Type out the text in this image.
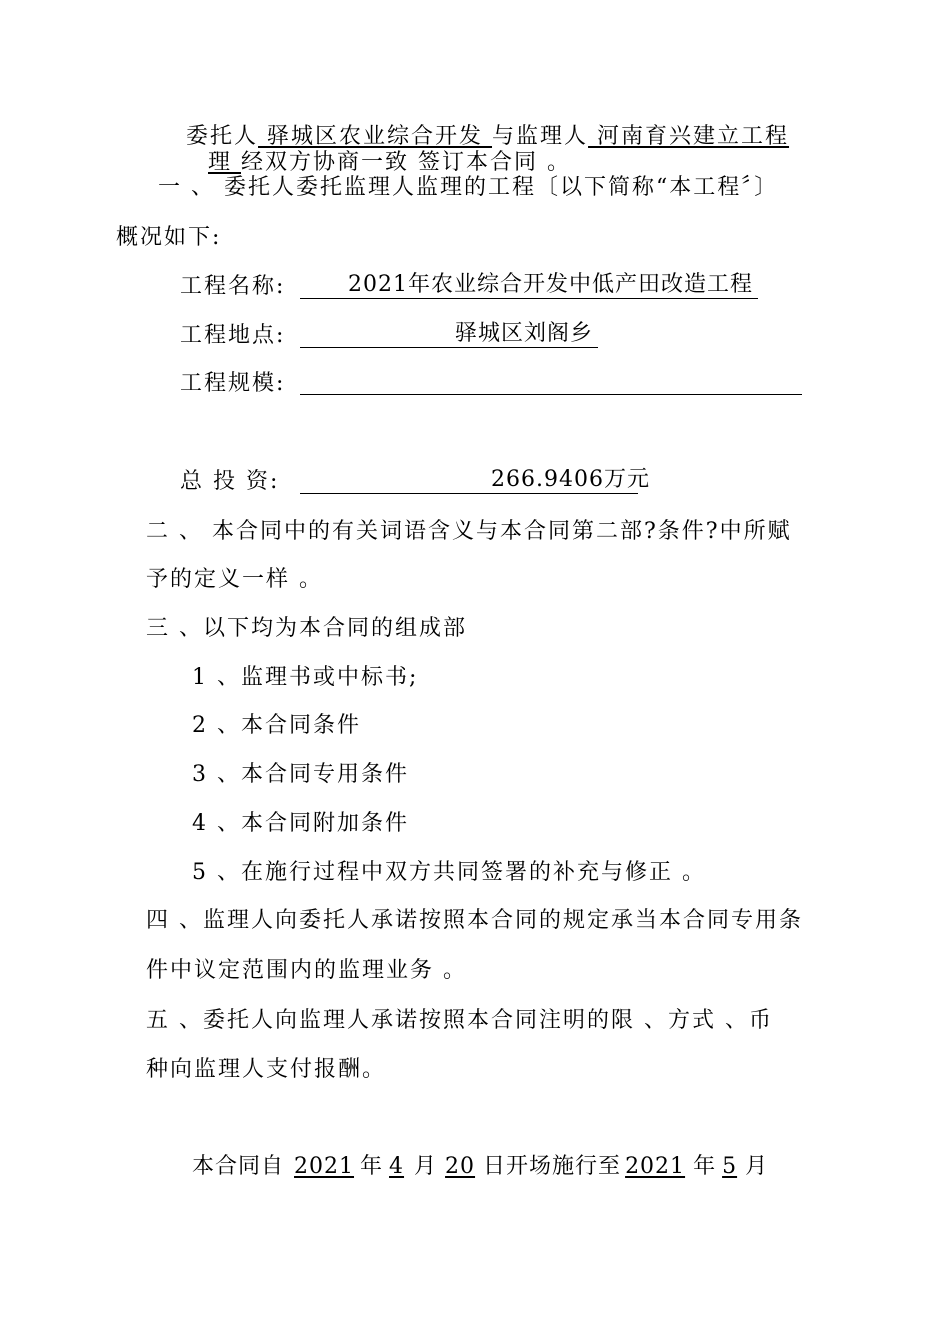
委托人 驿城区农业综合开发 与监理人 河南育兴建立工程
理 经双方协商一致 签订本合同 。
一 、 委托人委托监理人监理的工程〔以下简称“本工程〞〕
概况如下:
工程名称:	2021年农业综合开发中低产田改造工程
工程地点:	驿城区刘阁乡
工程规模:
总 投 资:	266.9406万元
二 、 本合同中的有关词语含义与本合同第二部?条件?中所赋
予的定义一样 。
三 、以下均为本合同的组成部
1 、监理书或中标书;
2 、本合同条件
3 、本合同专用条件
4 、本合同附加条件
5 、在施行过程中双方共同签署的补充与修正 。
四 、监理人向委托人承诺按照本合同的规定承当本合同专用条
件中议定范围内的监理业务 。
五 、委托人向监理人承诺按照本合同注明的限 、方式 、币
种向监理人支付报酬。
本合同自 2021 年 4 月 20 日开场施行至 2021 年 5 月
